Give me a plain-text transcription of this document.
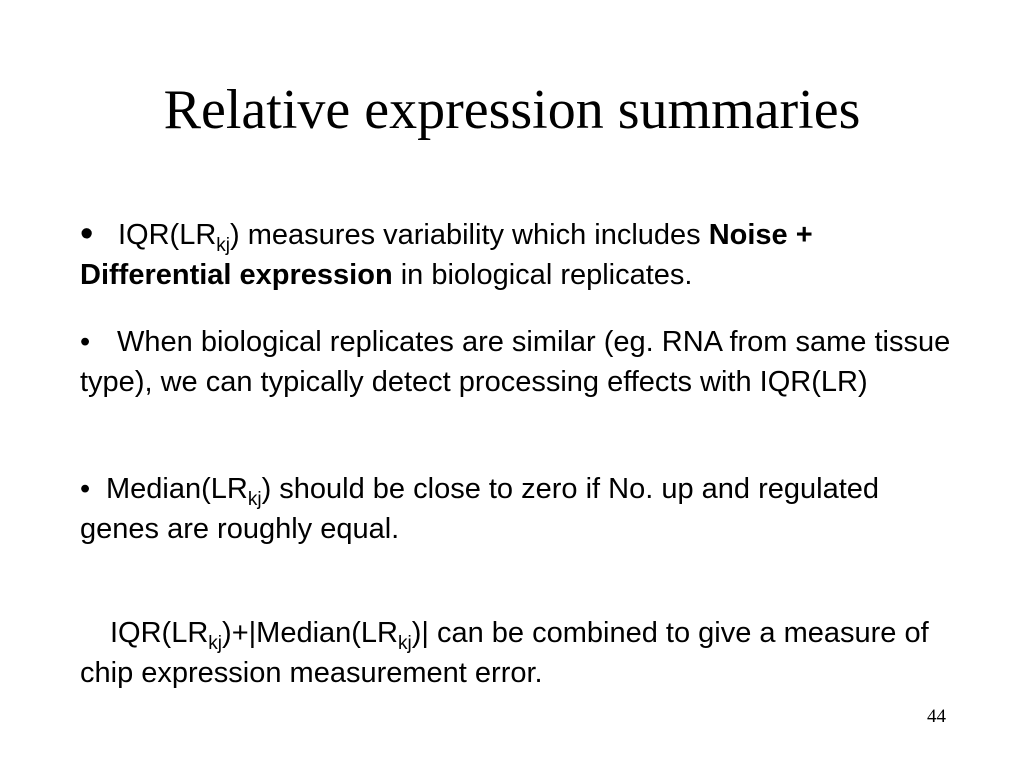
Relative expression summaries

• $IQR(LR_{kj})$ measures variability which includes Noise + Differential expression in biological replicates.

• When biological replicates are similar (eg. RNA from same tissue type), we can typically detect processing effects with IQR(LR)

• $Median(LR_{kj})$ should be close to zero if No. up and regulated genes are roughly equal.

$IQR(LR_{kj})+|Median(LR_{kj})|$ can be combined to give a measure of chip expression measurement error.

44
